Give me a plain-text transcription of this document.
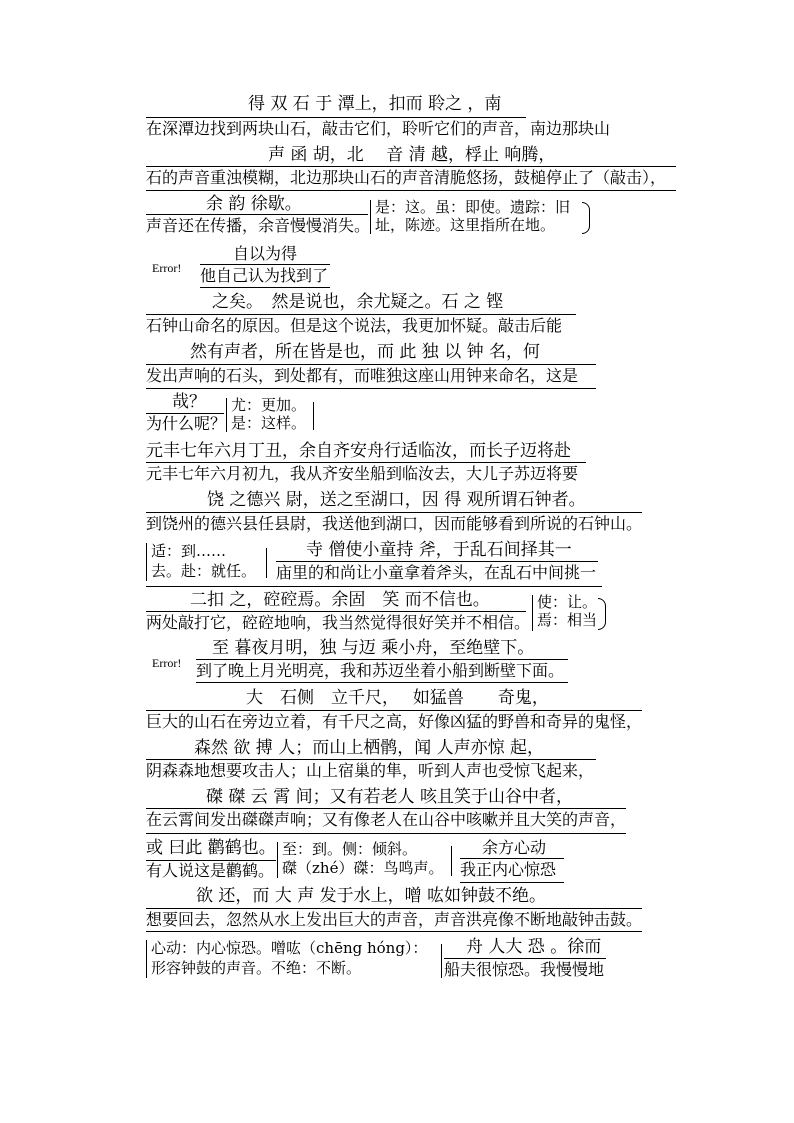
得 双 石 于 潭上，扣而 聆之 ，南
在深潭边找到两块山石，敲击它们，聆听它们的声音，南边那块山
声 函 胡，北　 音 清 越，桴止 响腾，
石的声音重浊模糊，北边那块山石的声音清脆悠扬，鼓槌停止了（敲击），
余 韵 徐歇。
声音还在传播，余音慢慢消失。
是：这。虽：即使。遗踪：旧
址，陈迹。这里指所在地。
Error!
自以为得
他自己认为找到了
之矣。　然是说也，余尤疑之。石 之 铿
石钟山命名的原因。但是这个说法，我更加怀疑。敲击后能
然有声者，所在皆是也，而 此 独 以 钟 名，何
发出声响的石头，到处都有，而唯独这座山用钟来命名，这是
哉？
为什么呢？
尤：更加。
是：这样。
元丰七年六月丁丑，余自齐安舟行适临汝，而长子迈将赴
元丰七年六月初九，我从齐安坐船到临汝去，大儿子苏迈将要
饶 之德兴 尉，送之至湖口，因 得 观所谓石钟者。
到饶州的德兴县任县尉，我送他到湖口，因而能够看到所说的石钟山。
适：到……
去。赴：就任。
寺 僧使小童持 斧，于乱石间择其一
庙里的和尚让小童拿着斧头，在乱石中间挑一
二扣 之，硿硿焉。余固　笑 而不信也。
两处敲打它，硿硿地响，我当然觉得很好笑并不相信。
使：让。
焉：相当
Error!
至 暮夜月明，独 与迈 乘小舟，至绝壁下。
到了晚上月光明亮，我和苏迈坐着小船到断壁下面。
大　石侧　立千尺，　 如猛兽　　奇鬼，
巨大的山石在旁边立着，有千尺之高，好像凶猛的野兽和奇异的鬼怪，
森然 欲 搏 人；而山上栖鹘，闻 人声亦惊 起，
阴森森地想要攻击人；山上宿巢的隼，听到人声也受惊飞起来，
磔 磔 云 霄 间；又有若老人 咳且笑于山谷中者，
在云霄间发出磔磔声响；又有像老人在山谷中咳嗽并且大笑的声音，
或 曰此 鹳鹤也。
有人说这是鹳鹤。
至：到。侧：倾斜。
磔（zhé）磔：鸟鸣声。
余方心动
我正内心惊恐
欲 还，而 大 声 发于水上，噌 吰如钟鼓不绝。
想要回去，忽然从水上发出巨大的声音，声音洪亮像不断地敲钟击鼓。
心动：内心惊恐。噌吰（chēng hóng）：
形容钟鼓的声音。不绝：不断。
舟 人大 恐 。徐而
船夫很惊恐。我慢慢地
